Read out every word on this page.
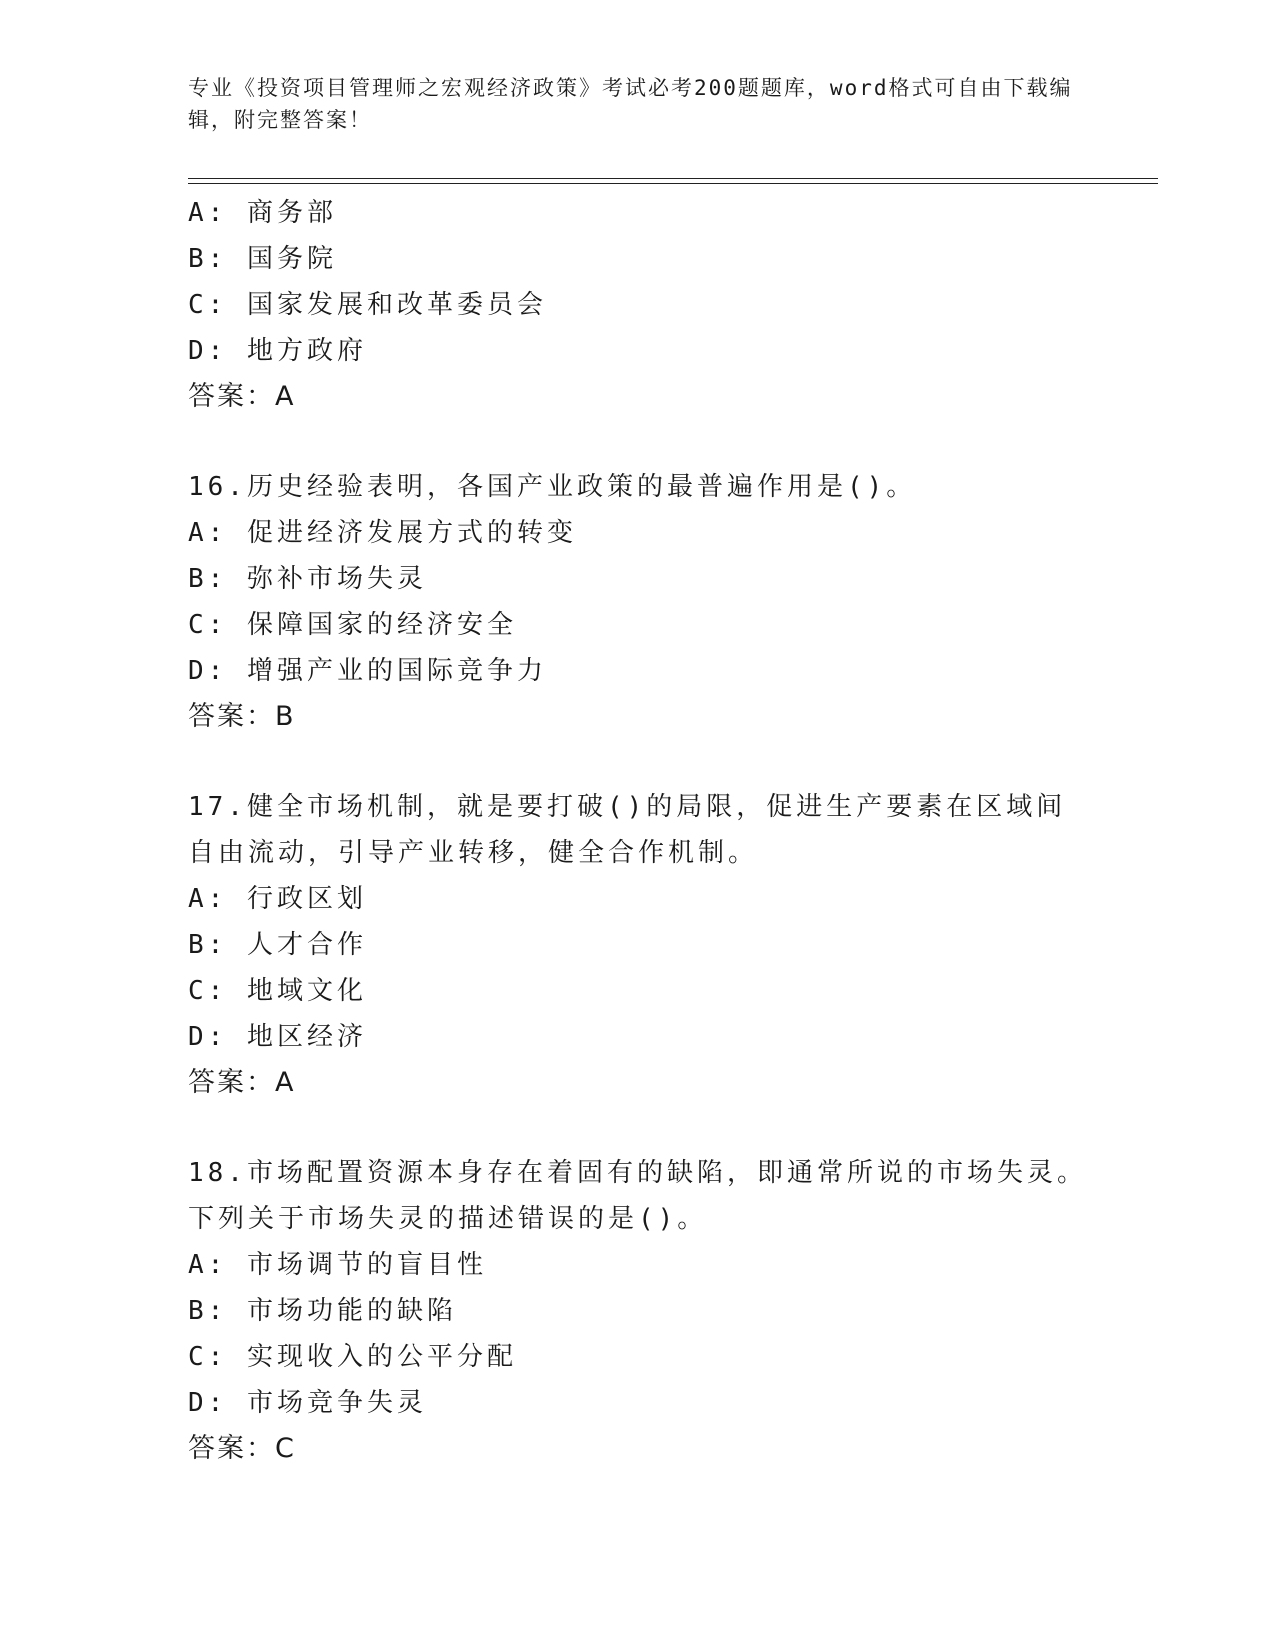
专业《投资项目管理师之宏观经济政策》考试必考200题题库，word格式可自由下载编辑，附完整答案！

A: 商务部
B: 国务院
C: 国家发展和改革委员会
D: 地方政府
答案：A
16.历史经验表明，各国产业政策的最普遍作用是()。
A: 促进经济发展方式的转变
B: 弥补市场失灵
C: 保障国家的经济安全
D: 增强产业的国际竞争力
答案：B
17.健全市场机制，就是要打破()的局限，促进生产要素在区域间自由流动，引导产业转移，健全合作机制。
A: 行政区划
B: 人才合作
C: 地域文化
D: 地区经济
答案：A
18.市场配置资源本身存在着固有的缺陷，即通常所说的市场失灵。下列关于市场失灵的描述错误的是()。
A: 市场调节的盲目性
B: 市场功能的缺陷
C: 实现收入的公平分配
D: 市场竞争失灵
答案：C
